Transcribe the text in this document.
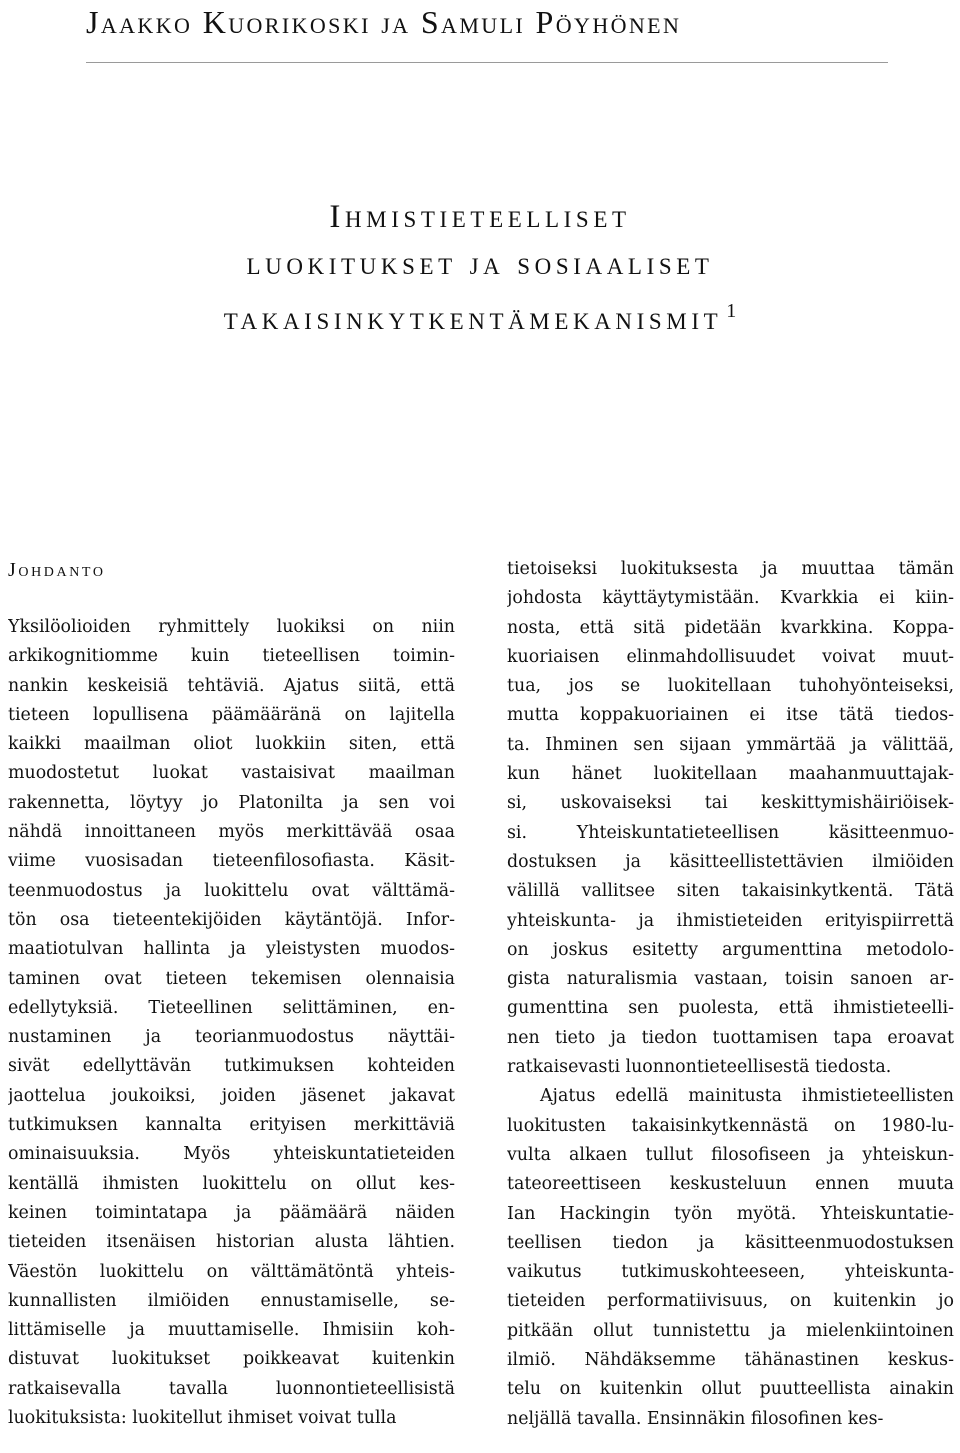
Jaakko Kuorikoski ja Samuli Pöyhönen
Ihmistieteelliset
luokitukset ja sosiaaliset
takaisinkytkentämekanismit $^1$
Johdanto
Yksilöolioiden ryhmittely luokiksi on niin
arkikognitiomme kuin tieteellisen toimin-
nankin keskeisiä tehtäviä. Ajatus siitä, että
tieteen lopullisena päämääränä on lajitella
kaikki maailman oliot luokkiin siten, että
muodostetut luokat vastaisivat maailman
rakennetta, löytyy jo Platonilta ja sen voi
nähdä innoittaneen myös merkittävää osaa
viime vuosisadan tieteenfilosofiasta. Käsit-
teenmuodostus ja luokittelu ovat välttämä-
tön osa tieteentekijöiden käytäntöjä. Infor-
maatiotulvan hallinta ja yleistysten muodos-
taminen ovat tieteen tekemisen olennaisia
edellytyksiä. Tieteellinen selittäminen, en-
nustaminen ja teorianmuodostus näyttäi-
sivät edellyttävän tutkimuksen kohteiden
jaottelua joukoiksi, joiden jäsenet jakavat
tutkimuksen kannalta erityisen merkittäviä
ominaisuuksia. Myös yhteiskuntatieteiden
kentällä ihmisten luokittelu on ollut kes-
keinen toimintatapa ja päämäärä näiden
tieteiden itsenäisen historian alusta lähtien.
Väestön luokittelu on välttämätöntä yhteis-
kunnallisten ilmiöiden ennustamiselle, se-
littämiselle ja muuttamiselle. Ihmisiin koh-
distuvat luokitukset poikkeavat kuitenkin
ratkaisevalla tavalla luonnontieteellisistä
luokituksista: luokitellut ihmiset voivat tulla
tietoiseksi luokituksesta ja muuttaa tämän
johdosta käyttäytymistään. Kvarkkia ei kiin-
nosta, että sitä pidetään kvarkkina. Koppa-
kuoriaisen elinmahdollisuudet voivat muut-
tua, jos se luokitellaan tuhohyönteiseksi,
mutta koppakuoriainen ei itse tätä tiedos-
ta. Ihminen sen sijaan ymmärtää ja välittää,
kun hänet luokitellaan maahanmuuttajak-
si, uskovaiseksi tai keskittymishäiriöisek-
si. Yhteiskuntatieteellisen käsitteenmuo-
dostuksen ja käsitteellistettävien ilmiöiden
välillä vallitsee siten takaisinkytkentä. Tätä
yhteiskunta- ja ihmistieteiden erityispiirrettä
on joskus esitetty argumenttina metodolo-
gista naturalismia vastaan, toisin sanoen ar-
gumenttina sen puolesta, että ihmistieteelli-
nen tieto ja tiedon tuottamisen tapa eroavat
ratkaisevasti luonnontieteellisestä tiedosta.
Ajatus edellä mainitusta ihmistieteellisten
luokitusten takaisinkytkennästä on 1980-lu-
vulta alkaen tullut filosofiseen ja yhteiskun-
tateoreettiseen keskusteluun ennen muuta
Ian Hackingin työn myötä. Yhteiskuntatie-
teellisen tiedon ja käsitteenmuodostuksen
vaikutus tutkimuskohteeseen, yhteiskunta-
tieteiden performatiivisuus, on kuitenkin jo
pitkään ollut tunnistettu ja mielenkiintoinen
ilmiö. Nähdäksemme tähänastinen keskus-
telu on kuitenkin ollut puutteellista ainakin
neljällä tavalla. Ensinnäkin filosofinen kes-
